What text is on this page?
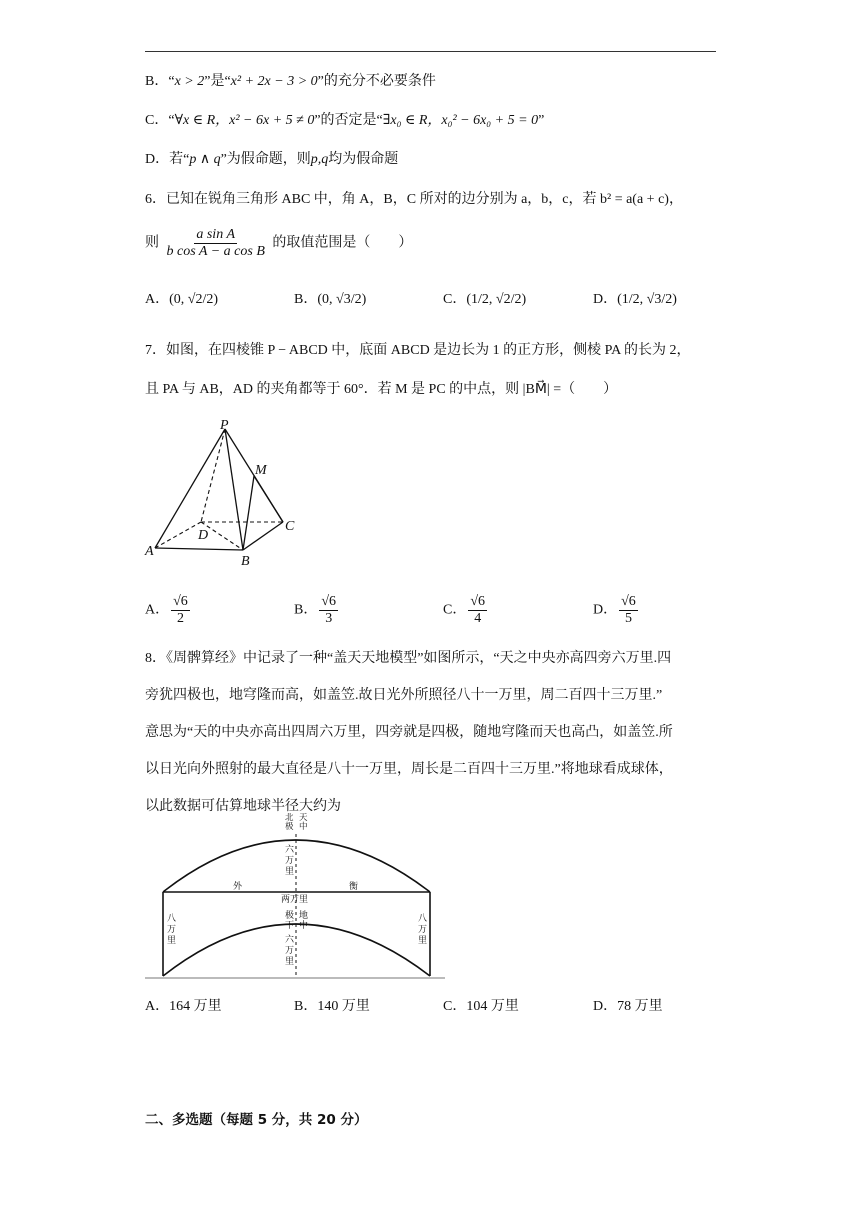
B．“x > 2”是“x² + 2x − 3 > 0”的充分不必要条件
C．“∀x ∈ R，x² − 6x + 5 ≠ 0”的否定是“∃x₀ ∈ R，x₀² − 6x₀ + 5 = 0”
D．若“p ∧ q”为假命题，则p,q均为假命题
6．已知在锐角三角形 ABC 中，角 A，B，C 所对的边分别为 a，b，c，若 b² = a(a + c)，
则 $\frac{\text{a sin A}}{\text{b cos A − a cos B}}$ 的取值范围是（　　）
A．(0, √2/2)	B．(0, √3/2)	C．(1/2, √2/2)	D．(1/2, √3/2)
7．如图，在四棱锥 P − ABCD 中，底面 ABCD 是边长为 1 的正方形，侧棱 PA 的长为 2，
且 PA 与 AB，AD 的夹角都等于 60°．若 M 是 PC 的中点，则 |BM⃗| =（　　）
P
M
D
C
A
B
A． $\frac{√6}{2}$	B． $\frac{√6}{3}$	C． $\frac{√6}{4}$	D． $\frac{√6}{5}$
8．《周髀算经》中记录了一种“盖天天地模型”如图所示，“天之中央亦高四旁六万里.四
旁犹四极也，地穹隆而高，如盖笠.故日光外所照径八十一万里，周二百四十三万里.”
意思为“天的中央亦高出四周六万里，四旁就是四极，随地穹隆而天也高凸，如盖笠.所
以日光向外照射的最大直径是八十一万里，周长是二百四十三万里.”将地球看成球体，
以此数据可估算地球半径大约为
北
极
天
中
六
万
里
外	衡
两万里
八
万
里
八
万
里
极
下
地
中
六
万
里
A．164 万里	B．140 万里	C．104 万里	D．78 万里
二、多选题（每题 5 分，共 20 分）
